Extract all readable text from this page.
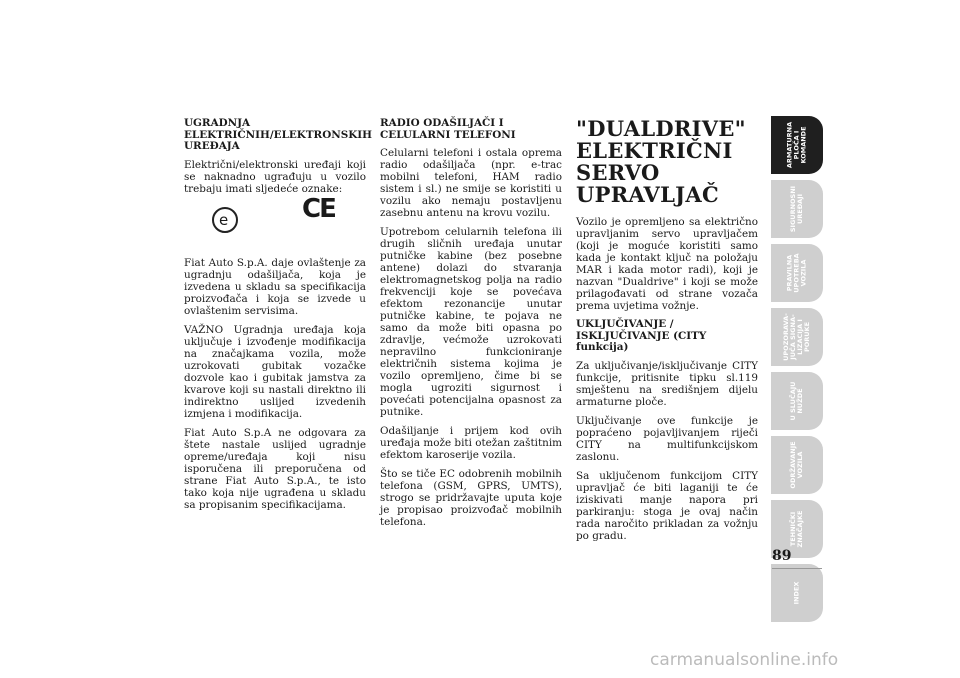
UGRADNJA ELEKTRIČNIH/ELEKTRONSKIH UREĐAJA

Električni/elektronski uređaji koji se naknadno ugrađuju u vozilo trebaju imati sljedeće oznake:

e	CE

Fiat Auto S.p.A. daje ovlaštenje za ugradnju odašiljača, koja je izvedena u skladu sa specifikacija proizvođača i koja se izvede u ovlaštenim servisima.

VAŽNO Ugradnja uređaja koja uključuje i izvođenje modifikacija na značajkama vozila, može uzrokovati gubitak vozačke dozvole kao i gubitak jamstva za kvarove koji su nastali direktno ili indirektno uslijed izvedenih izmjena i modifikacija.

Fiat Auto S.p.A ne odgovara za štete nastale uslijed ugradnje opreme/uređaja koji nisu isporučena ili preporučena od strane Fiat Auto S.p.A., te isto tako koja nije ugrađena u skladu sa propisanim specifikacijama.

RADIO ODAŠILJAČI I CELULARNI TELEFONI

Celularni telefoni i ostala oprema radio odašiljača (npr. e-trac mobilni telefoni, HAM radio sistem i sl.) ne smije se koristiti u vozilu ako nemaju postavljenu zasebnu antenu na krovu vozilu.

Upotrebom celularnih telefona ili drugih sličnih uređaja unutar putničke kabine (bez posebne antene) dolazi do stvaranja elektromagnetskog polja na radio frekvenciji koje se povećava efektom rezonancije unutar putničke kabine, te pojava ne samo da može biti opasna po zdravlje, većmože uzrokovati nepravilno funkcioniranje električnih sistema kojima je vozilo opremljeno, čime bi se mogla ugroziti sigurnost i povećati potencijalna opasnost za putnike.

Odašiljanje i prijem kod ovih uređaja može biti otežan zaštitnim efektom karoserije vozila.

Što se tiče EC odobrenih mobilnih telefona (GSM, GPRS, UMTS), strogo se pridržavajte uputa koje je propisao proizvođač mobilnih telefona.

"DUALDRIVE" ELEKTRIČNI SERVO UPRAVLJAČ

Vozilo je opremljeno sa električno upravljanim servo upravljačem (koji je moguće koristiti samo kada je kontakt ključ na položaju MAR i kada motor radi), koji je nazvan "Dualdrive" i koji se može prilagođavati od strane vozača prema uvjetima vožnje.

UKLJUČIVANJE / ISKLJUČIVANJE (CITY funkcija)

Za uključivanje/isključivanje CITY funkcije, pritisnite tipku sl.119 smještenu na središnjem dijelu armaturne ploče.

Uključivanje ove funkcije je popraćeno pojavljivanjem riječi CITY na multifunkcijskom zaslonu.

Sa uključenom funkcijom CITY upravljač će biti laganiji te će iziskivati manje napora pri parkiranju: stoga je ovaj način rada naročito prikladan za vožnju po gradu.

ARMATURNA PLOČA I KOMANDE
SIGURNOSNI UREĐAJI
PRAVILNA UPOTREBA VOZILA
UPOZORAVA-JUĆA SIGNA-LIZACIJA I PORUKE
U SLUČAJU NUŽDE
ODRŽAVANJE VOZILA
TEHNIČKI ZNAČAJKE
INDEX
89
carmanualsonline.info
